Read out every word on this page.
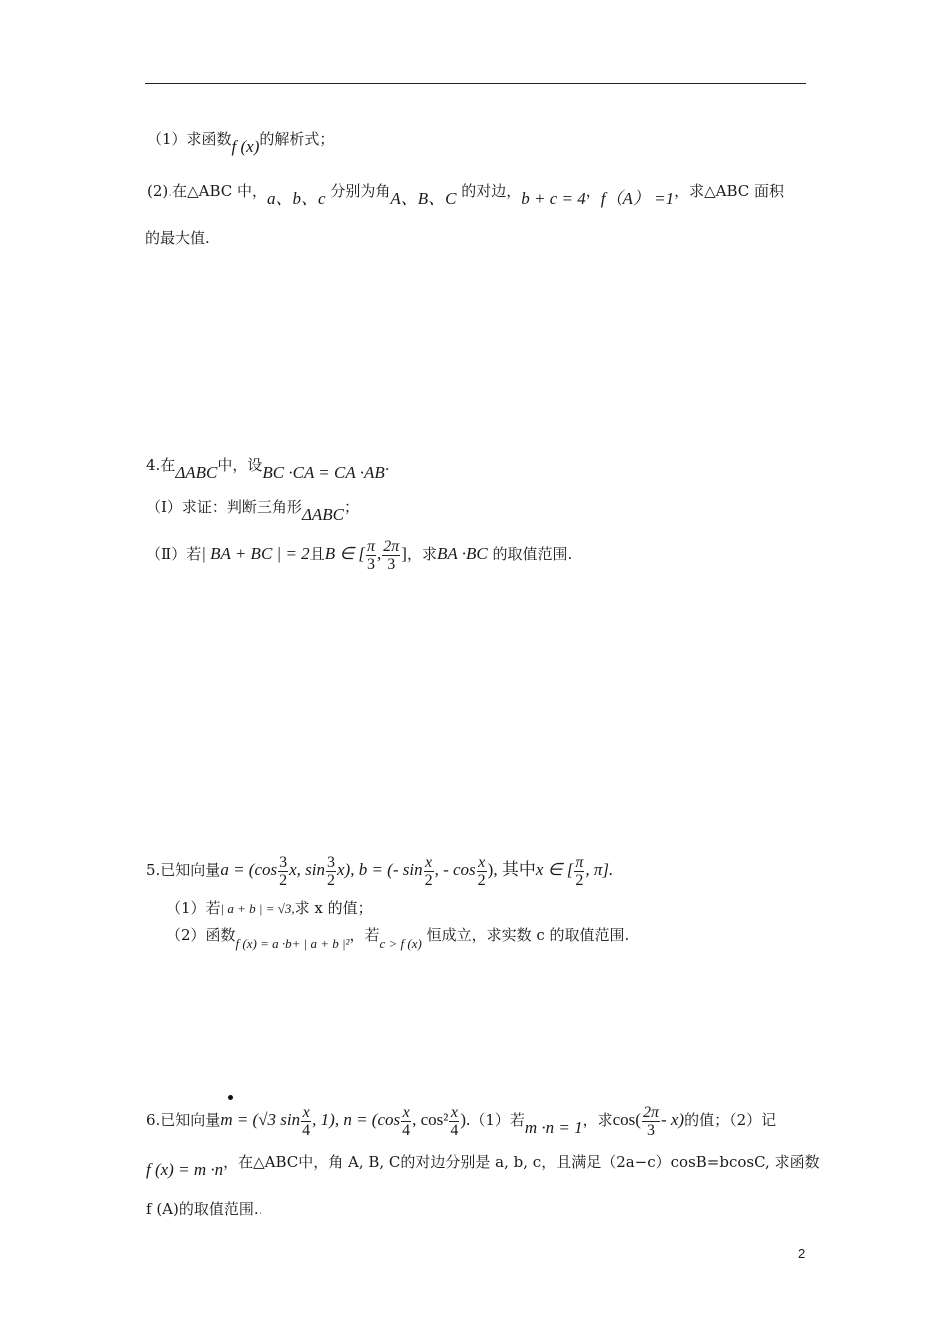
（1）求函数f (x)的解析式；
(2).在△ABC 中，a、b、c 分别为角A、B、C 的对边，b + c = 4，f（A） =1，求△ABC 面积
的最大值.
4.在ΔABC中，设BC ·CA = CA ·AB.
（Ⅰ）求证：判断三角形ΔABC；
（Ⅱ）若| BA + BC | = 2且B ∈ [ $\frac{\pi}{3}$ , $\frac{2\pi}{3}$ ]，求BA ·BC 的取值范围.
5.已知向量$a = (\cos \frac{3}{2} x$, $\sin \frac{3}{2} x$), b = (- $\sin \frac{x}{2}$ , - $\cos \frac{x}{2}$ ), 其中x ∈ [ $\frac{\pi}{2}$ , π].
（1）若| a + b | = √3,求 x 的值；
（2）函数f (x) = a ·b+ | a + b |²，若c > f (x) 恒成立，求实数 c 的取值范围.
6.已知向量m = (√3 $\sin \frac{x}{4}$ , 1), $n = (\cos \frac{x}{4}$ , $\cos^2 \frac{x}{4} ).(1)$若m ·n = 1，求$\cos( \frac{2\pi}{3} - x)$的值；（2）记
f (x) = m ·n，在△ABC中，角 A, B, C的对边分别是 a, b, c，且满足（2a−c）cosB=bcosC, 求函数
f (A)的取值范围..
2
